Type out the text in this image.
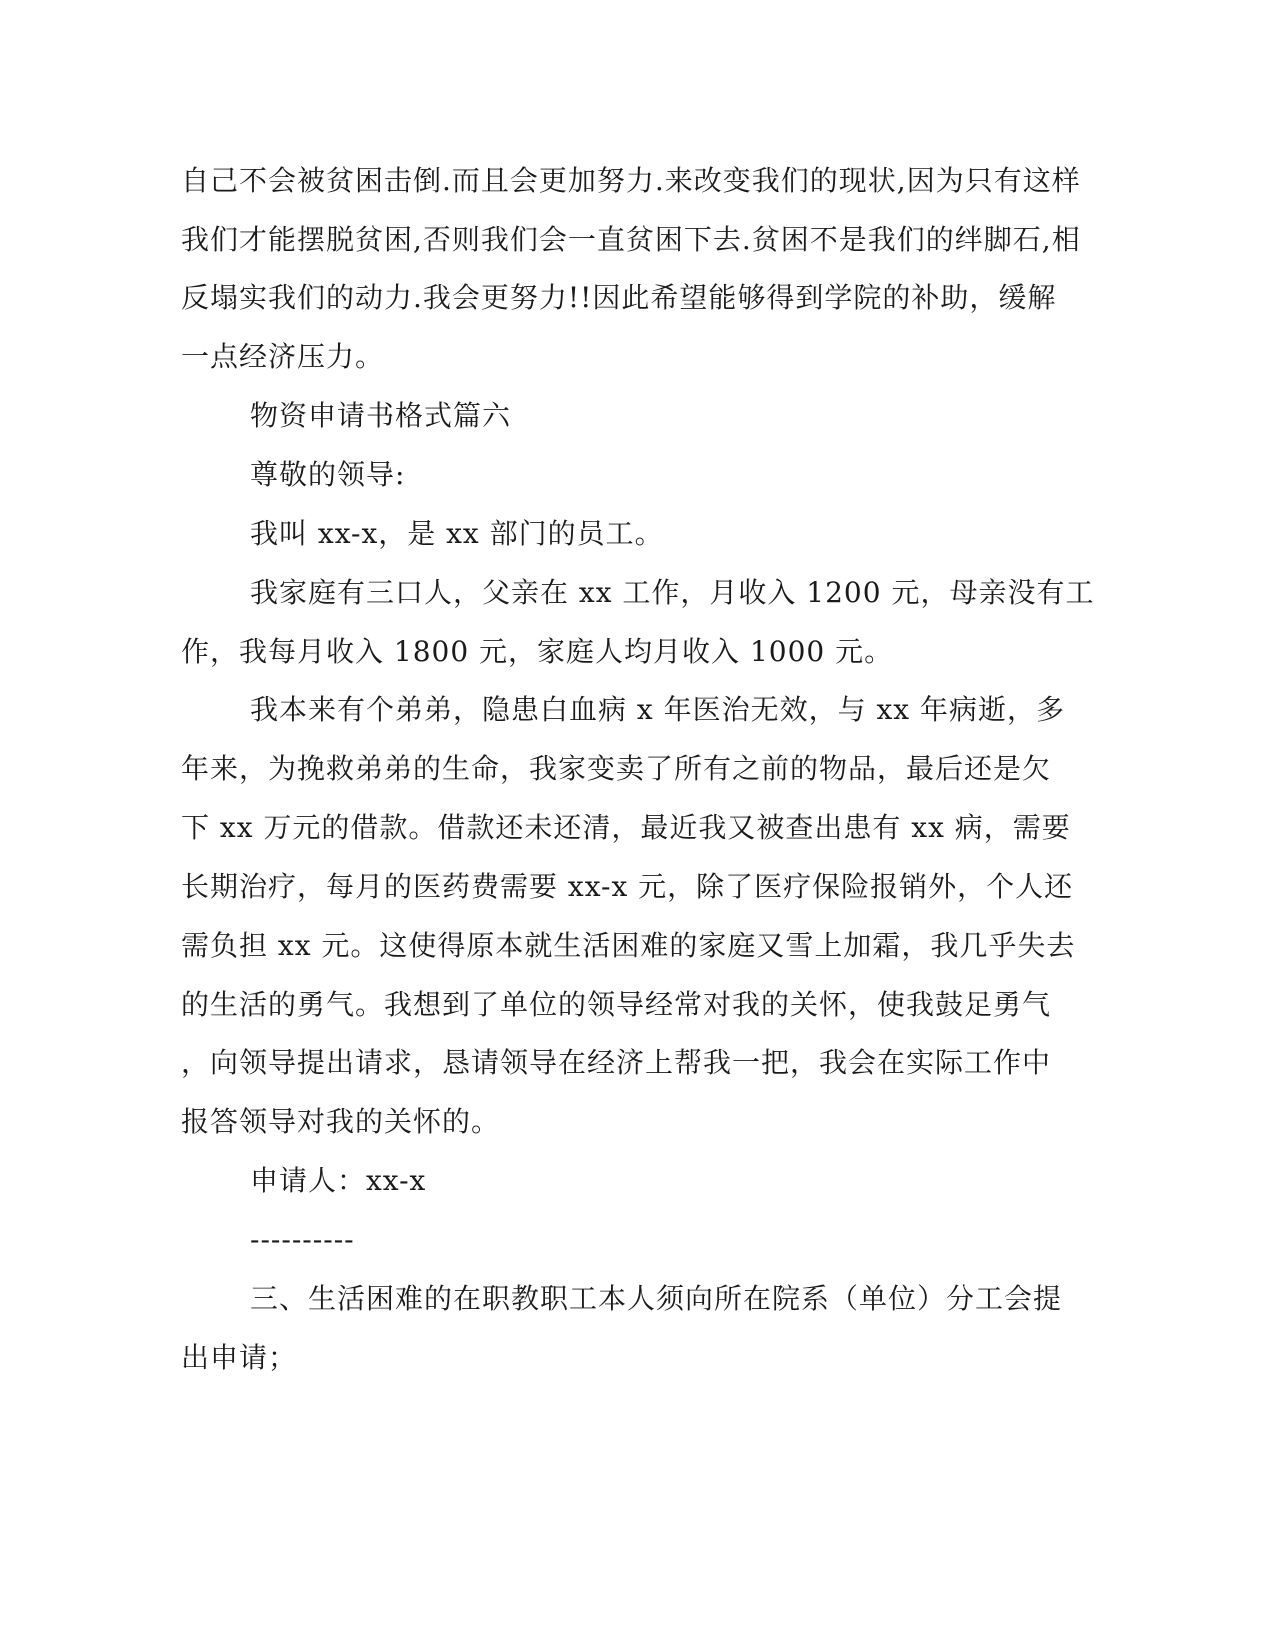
自己不会被贫困击倒.而且会更加努力.来改变我们的现状,因为只有这样
我们才能摆脱贫困,否则我们会一直贫困下去.贫困不是我们的绊脚石,相
反塌实我们的动力.我会更努力!!因此希望能够得到学院的补助，缓解
一点经济压力。
物资申请书格式篇六
尊敬的领导:
我叫 xx-x，是 xx 部门的员工。
我家庭有三口人，父亲在 xx 工作，月收入 1200 元，母亲没有工
作，我每月收入 1800 元，家庭人均月收入 1000 元。
我本来有个弟弟，隐患白血病 x 年医治无效，与 xx 年病逝，多
年来，为挽救弟弟的生命，我家变卖了所有之前的物品，最后还是欠
下 xx 万元的借款。借款还未还清，最近我又被查出患有 xx 病，需要
长期治疗，每月的医药费需要 xx-x 元，除了医疗保险报销外，个人还
需负担 xx 元。这使得原本就生活困难的家庭又雪上加霜，我几乎失去
的生活的勇气。我想到了单位的领导经常对我的关怀，使我鼓足勇气
，向领导提出请求，恳请领导在经济上帮我一把，我会在实际工作中
报答领导对我的关怀的。
申请人：xx-x
----------
三、生活困难的在职教职工本人须向所在院系（单位）分工会提
出申请；
